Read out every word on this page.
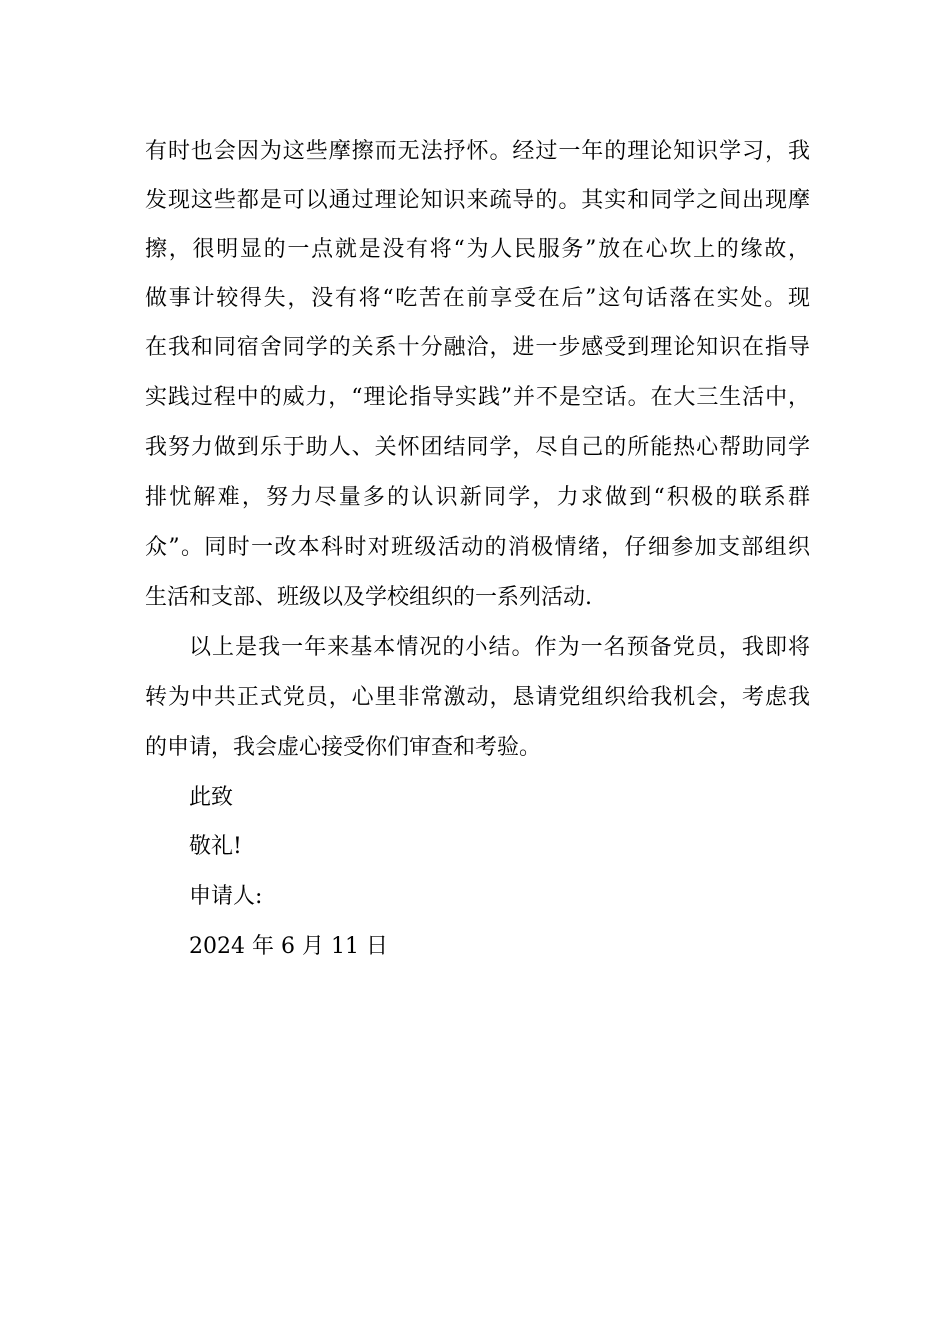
有时也会因为这些摩擦而无法抒怀。经过一年的理论知识学习，我
发现这些都是可以通过理论知识来疏导的。其实和同学之间出现摩
擦，很明显的一点就是没有将“为人民服务”放在心坎上的缘故，
做事计较得失，没有将“吃苦在前享受在后”这句话落在实处。现
在我和同宿舍同学的关系十分融洽，进一步感受到理论知识在指导
实践过程中的威力，“理论指导实践”并不是空话。在大三生活中，
我努力做到乐于助人、关怀团结同学，尽自己的所能热心帮助同学
排忧解难，努力尽量多的认识新同学，力求做到“积极的联系群
众”。同时一改本科时对班级活动的消极情绪，仔细参加支部组织
生活和支部、班级以及学校组织的一系列活动.
以上是我一年来基本情况的小结。作为一名预备党员，我即将
转为中共正式党员，心里非常激动，恳请党组织给我机会，考虑我
的申请，我会虚心接受你们审查和考验。
此致
敬礼!
申请人:
2024 年 6 月 11 日
